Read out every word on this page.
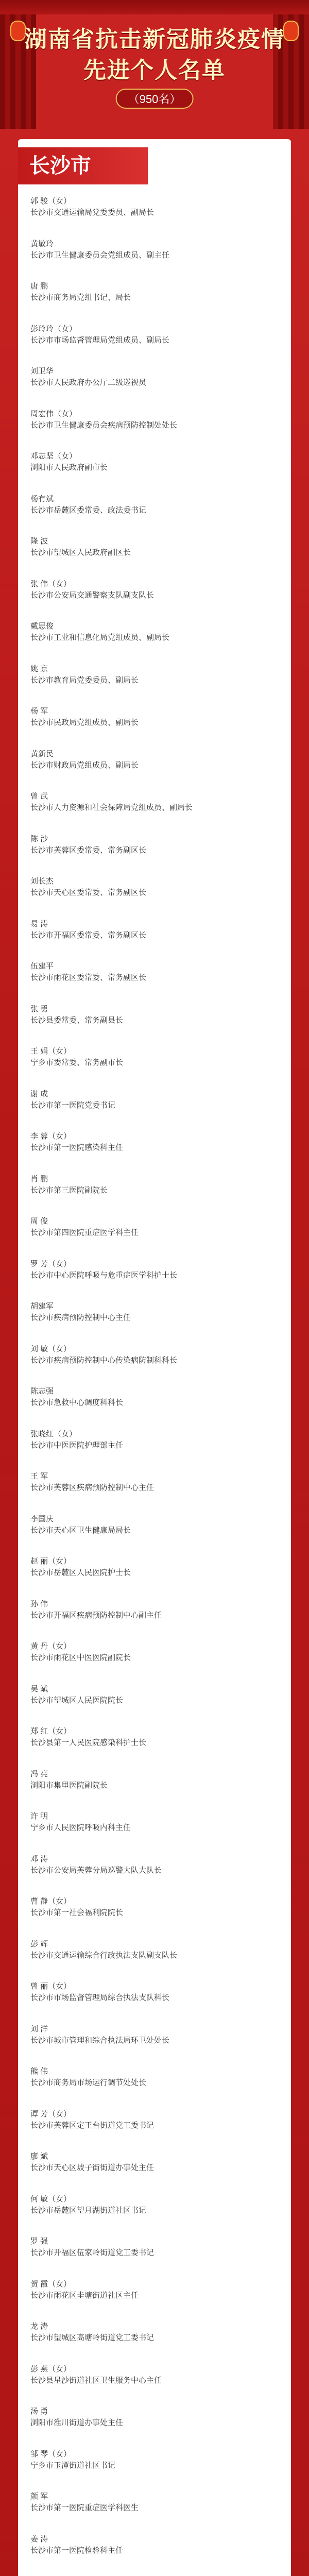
湖南省抗击新冠肺炎疫情
先进个人名单
（950名）
长沙市
郭 骏（女）
长沙市交通运输局党委委员、副局长
黄敏玲
长沙市卫生健康委员会党组成员、副主任
唐 鹏
长沙市商务局党组书记、局长
彭玲玲（女）
长沙市市场监督管理局党组成员、副局长
刘卫华
长沙市人民政府办公厅二级巡视员
周宏伟（女）
长沙市卫生健康委员会疾病预防控制处处长
邓志坚（女）
浏阳市人民政府副市长
杨有斌
长沙市岳麓区委常委、政法委书记
隆 波
长沙市望城区人民政府副区长
张 伟（女）
长沙市公安局交通警察支队副支队长
戴思俊
长沙市工业和信息化局党组成员、副局长
姚 京
长沙市教育局党委委员、副局长
杨 军
长沙市民政局党组成员、副局长
黄新民
长沙市财政局党组成员、副局长
曾 武
长沙市人力资源和社会保障局党组成员、副局长
陈 沙
长沙市芙蓉区委常委、常务副区长
刘长杰
长沙市天心区委常委、常务副区长
易 涛
长沙市开福区委常委、常务副区长
伍建平
长沙市雨花区委常委、常务副区长
张 勇
长沙县委常委、常务副县长
王 娟（女）
宁乡市委常委、常务副市长
谢 成
长沙市第一医院党委书记
李 蓉（女）
长沙市第一医院感染科主任
肖 鹏
长沙市第三医院副院长
周 俊
长沙市第四医院重症医学科主任
罗 芳（女）
长沙市中心医院呼吸与危重症医学科护士长
胡建军
长沙市疾病预防控制中心主任
刘 敏（女）
长沙市疾病预防控制中心传染病防制科科长
陈志强
长沙市急救中心调度科科长
张晓红（女）
长沙市中医医院护理部主任
王 军
长沙市芙蓉区疾病预防控制中心主任
李国庆
长沙市天心区卫生健康局局长
赵 丽（女）
长沙市岳麓区人民医院护士长
孙 伟
长沙市开福区疾病预防控制中心副主任
黄 丹（女）
长沙市雨花区中医医院副院长
吴 斌
长沙市望城区人民医院院长
郑 红（女）
长沙县第一人民医院感染科护士长
冯 亮
浏阳市集里医院副院长
许 明
宁乡市人民医院呼吸内科主任
邓 涛
长沙市公安局芙蓉分局巡警大队大队长
曹 静（女）
长沙市第一社会福利院院长
彭 辉
长沙市交通运输综合行政执法支队副支队长
曾 丽（女）
长沙市市场监督管理局综合执法支队科长
刘 洋
长沙市城市管理和综合执法局环卫处处长
熊 伟
长沙市商务局市场运行调节处处长
谭 芳（女）
长沙市芙蓉区定王台街道党工委书记
廖 斌
长沙市天心区坡子街街道办事处主任
何 敏（女）
长沙市岳麓区望月湖街道社区书记
罗 强
长沙市开福区伍家岭街道党工委书记
贺 霞（女）
长沙市雨花区圭塘街道社区主任
龙 涛
长沙市望城区高塘岭街道党工委书记
彭 燕（女）
长沙县星沙街道社区卫生服务中心主任
汤 勇
浏阳市淮川街道办事处主任
邹 琴（女）
宁乡市玉潭街道社区书记
颜 军
长沙市第一医院重症医学科医生
姜 涛
长沙市第一医院检验科主任
